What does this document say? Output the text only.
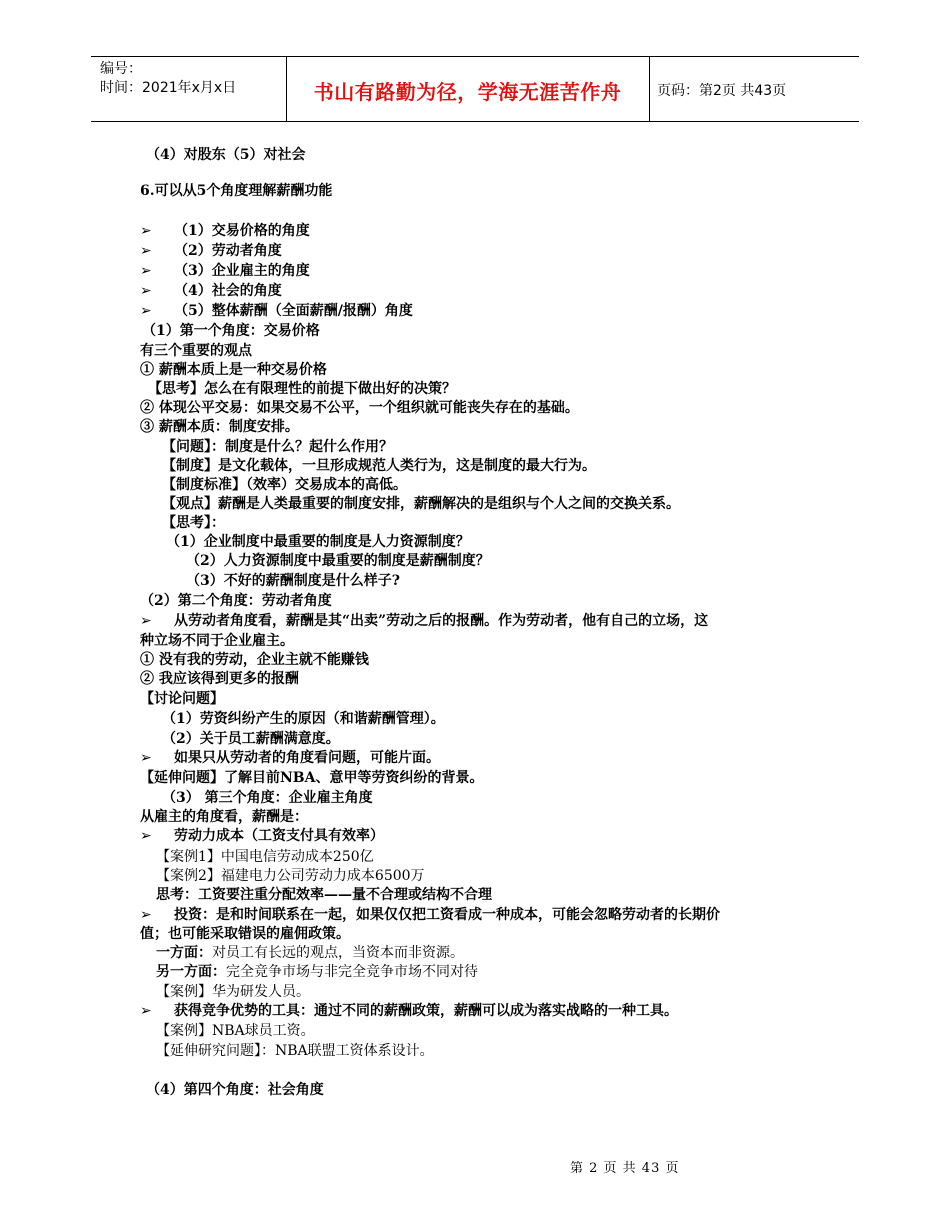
编号：
时间：2021年x月x日	书山有路勤为径，学海无涯苦作舟	页码：第2页 共43页
（4）对股东（5）对社会
6.可以从5个角度理解薪酬功能
➢ （1）交易价格的角度
➢ （2）劳动者角度
➢ （3）企业雇主的角度
➢ （4）社会的角度
➢ （5）整体薪酬（全面薪酬/报酬）角度
（1）第一个角度：交易价格
有三个重要的观点
① 薪酬本质上是一种交易价格
【思考】怎么在有限理性的前提下做出好的决策？
② 体现公平交易：如果交易不公平，一个组织就可能丧失存在的基础。
③ 薪酬本质：制度安排。
【问题】：制度是什么？起什么作用？
【制度】是文化载体，一旦形成规范人类行为，这是制度的最大行为。
【制度标准】（效率）交易成本的高低。
【观点】薪酬是人类最重要的制度安排，薪酬解决的是组织与个人之间的交换关系。
【思考】：
（1）企业制度中最重要的制度是人力资源制度？
（2）人力资源制度中最重要的制度是薪酬制度？
（3）不好的薪酬制度是什么样子?
（2）第二个角度：劳动者角度
➢ 从劳动者角度看，薪酬是其“出卖”劳动之后的报酬。作为劳动者，他有自己的立场，这
种立场不同于企业雇主。
① 没有我的劳动，企业主就不能赚钱
② 我应该得到更多的报酬
【讨论问题】
（1）劳资纠纷产生的原因（和谐薪酬管理）。
（2）关于员工薪酬满意度。
➢ 如果只从劳动者的角度看问题，可能片面。
【延伸问题】了解目前NBA、意甲等劳资纠纷的背景。
（3） 第三个角度：企业雇主角度
从雇主的角度看，薪酬是：
➢ 劳动力成本（工资支付具有效率）
【案例1】中国电信劳动成本250亿
【案例2】福建电力公司劳动力成本6500万
思考：工资要注重分配效率——量不合理或结构不合理
➢ 投资：是和时间联系在一起，如果仅仅把工资看成一种成本，可能会忽略劳动者的长期价
值；也可能采取错误的雇佣政策。
一方面：对员工有长远的观点，当资本而非资源。
另一方面：完全竞争市场与非完全竞争市场不同对待
【案例】华为研发人员。
➢ 获得竞争优势的工具：通过不同的薪酬政策，薪酬可以成为落实战略的一种工具。
【案例】NBA球员工资。
【延伸研究问题】：NBA联盟工资体系设计。
（4）第四个角度：社会角度
第 2 页 共 43 页
